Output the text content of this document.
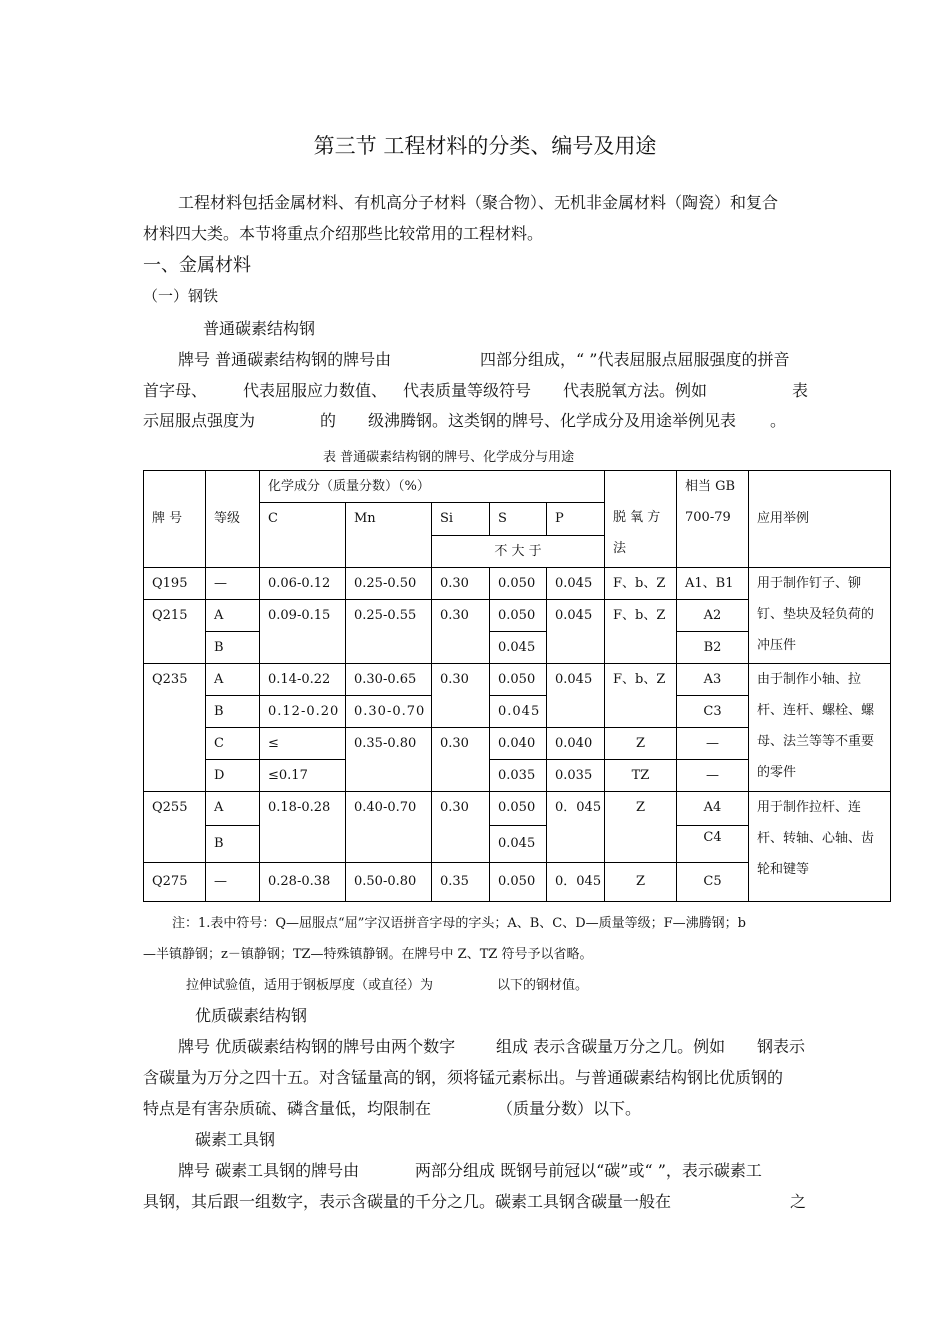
第三节 工程材料的分类、编号及用途
工程材料包括金属材料、有机高分子材料（聚合物）、无机非金属材料（陶瓷）和复合
材料四大类。本节将重点介绍那些比较常用的工程材料。
一、金属材料
（一）钢铁
普通碳素结构钢
牌号 普通碳素结构钢的牌号由	四部分组成，“ ”代表屈服点屈服强度的拼音
首字母、 代表屈服应力数值、 代表质量等级符号 代表脱氧方法。例如	表
示屈服点强度为	的 级沸腾钢。这类钢的牌号、化学成分及用途举例见表 。
表 普通碳素结构钢的牌号、化学成分与用途
牌 号	等级	化学成分（质量分数）（%）					脱 氧 方 法	相当 GB 700-79	应用举例
		C	Mn	Si	S	P			
				不 大 于					
Q195	—	0.06-0.12	0.25-0.50	0.30	0.050	0.045	F、b、Z	A1、B1	用于制作钉子、铆钉、垫块及轻负荷的冲压件
Q215	A	0.09-0.15	0.25-0.55	0.30	0.050	0.045	F、b、Z	A2	
	B				0.045			B2	
Q235	A	0.14-0.22	0.30-0.65	0.30	0.050	0.045	F、b、Z	A3	由于制作小轴、拉杆、连杆、螺栓、螺母、法兰等等不重要的零件
	B	0.12-0.20	0.30-0.70		0.045			C3	
	C	≤	0.35-0.80	0.30	0.040	0.040	Z	—	
	D	≤0.17			0.035	0.035	TZ	—	
Q255	A	0.18-0.28	0.40-0.70	0.30	0.050	0．045	Z	A4	用于制作拉杆、连杆、转轴、心轴、齿轮和键等
	B				0.045			C4	
Q275	—	0.28-0.38	0.50-0.80	0.35	0.050	0．045	Z	C5	
注：1.表中符号：Q—屈服点“屈”字汉语拼音字母的字头；A、B、C、D—质量等级；F—沸腾钢；b
—半镇静钢；z－镇静钢；TZ—特殊镇静钢。在牌号中 Z、TZ 符号予以省略。
拉伸试验值，适用于钢板厚度（或直径）为	以下的钢材值。
优质碳素结构钢
牌号 优质碳素结构钢的牌号由两个数字	组成 表示含碳量万分之几。例如 钢表示
含碳量为万分之四十五。对含锰量高的钢，须将锰元素标出。与普通碳素结构钢比优质钢的
特点是有害杂质硫、磷含量低，均限制在	（质量分数）以下。
碳素工具钢
牌号 碳素工具钢的牌号由	两部分组成 既钢号前冠以“碳”或“ ”，表示碳素工
具钢，其后跟一组数字，表示含碳量的千分之几。碳素工具钢含碳量一般在	之
